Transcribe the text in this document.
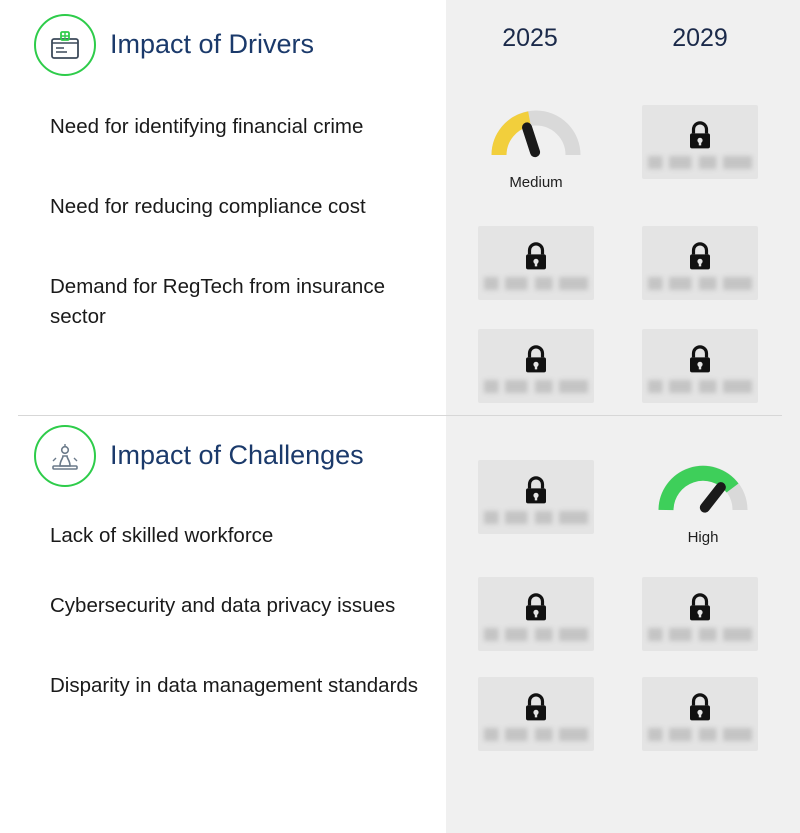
2025	2029
Impact of Drivers
Need for identifying financial crime
Need for reducing compliance cost
Demand for RegTech from insurance sector
Impact of Challenges
Lack of skilled workforce
Cybersecurity and data privacy issues
Disparity in data management standards
Medium
High
